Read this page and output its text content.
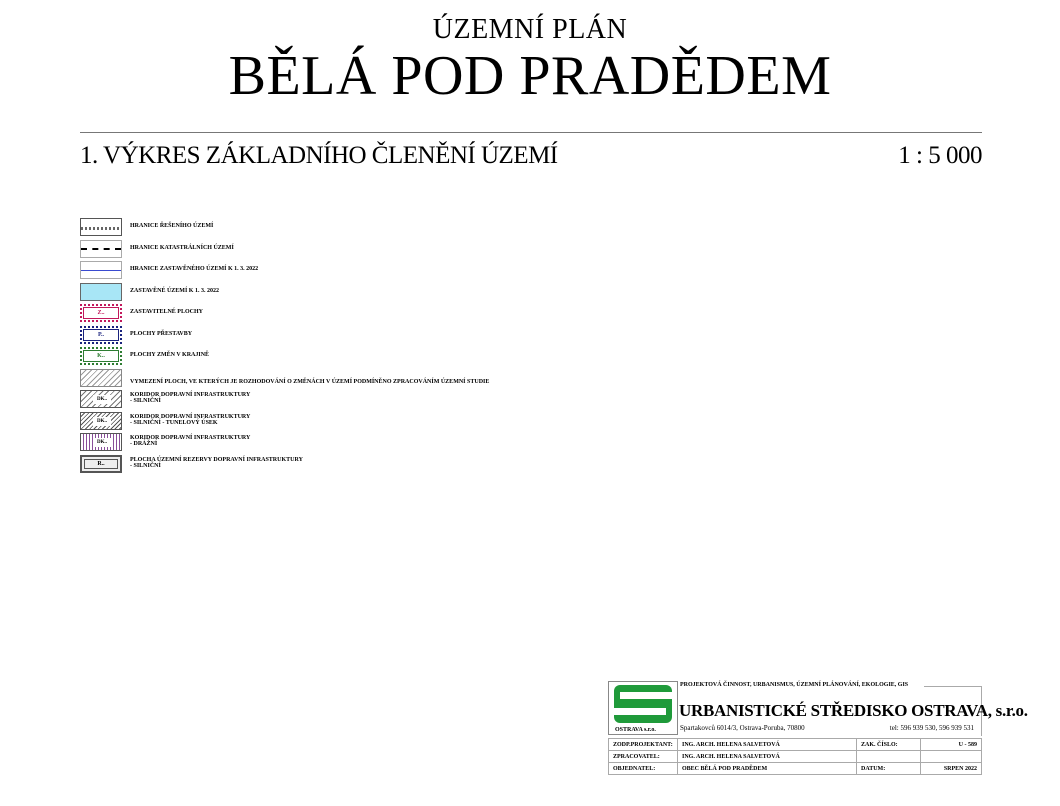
ÚZEMNÍ PLÁN
BĚLÁ POD PRADĚDEM
1. VÝKRES ZÁKLADNÍHO ČLENĚNÍ ÚZEMÍ	1 : 5 000
HRANICE ŘEŠENÍHO ÚZEMÍ
HRANICE KATASTRÁLNÍCH ÚZEMÍ
HRANICE ZASTAVĚNÉHO ÚZEMÍ K 1. 3. 2022
ZASTAVĚNÉ ÚZEMÍ K 1. 3. 2022
Z..	ZASTAVITELNÉ PLOCHY
P..	PLOCHY PŘESTAVBY
K..	PLOCHY ZMĚN V KRAJINĚ
VYMEZENÍ PLOCH, VE KTERÝCH JE ROZHODOVÁNÍ O ZMĚNÁCH V ÚZEMÍ PODMÍNĚNO ZPRACOVÁNÍM ÚZEMNÍ STUDIE
DK..
KORIDOR DOPRAVNÍ INFRASTRUKTURY
- SILNIČNÍ
DK..
KORIDOR DOPRAVNÍ INFRASTRUKTURY
- SILNIČNÍ - TUNELOVÝ ÚSEK
DK..
KORIDOR DOPRAVNÍ INFRASTRUKTURY
- DRÁŽNÍ
R..
PLOCHA ÚZEMNÍ REZERVY DOPRAVNÍ INFRASTRUKTURY
- SILNIČNÍ
OSTRAVA s.r.o.
PROJEKTOVÁ ČINNOST, URBANISMUS, ÚZEMNÍ PLÁNOVÁNÍ, EKOLOGIE, GIS
URBANISTICKÉ STŘEDISKO OSTRAVA, s.r.o.
Spartakovců 6014/3, Ostrava-Poruba, 70800	tel: 596 939 530, 596 939 531
ZODP.PROJEKTANT:	ING. ARCH. HELENA SALVETOVÁ	ZAK. ČÍSLO:	U - 589
ZPRACOVATEL:	ING. ARCH. HELENA SALVETOVÁ		
OBJEDNATEL:	OBEC BĚLÁ POD PRADĚDEM	DATUM:	SRPEN 2022
